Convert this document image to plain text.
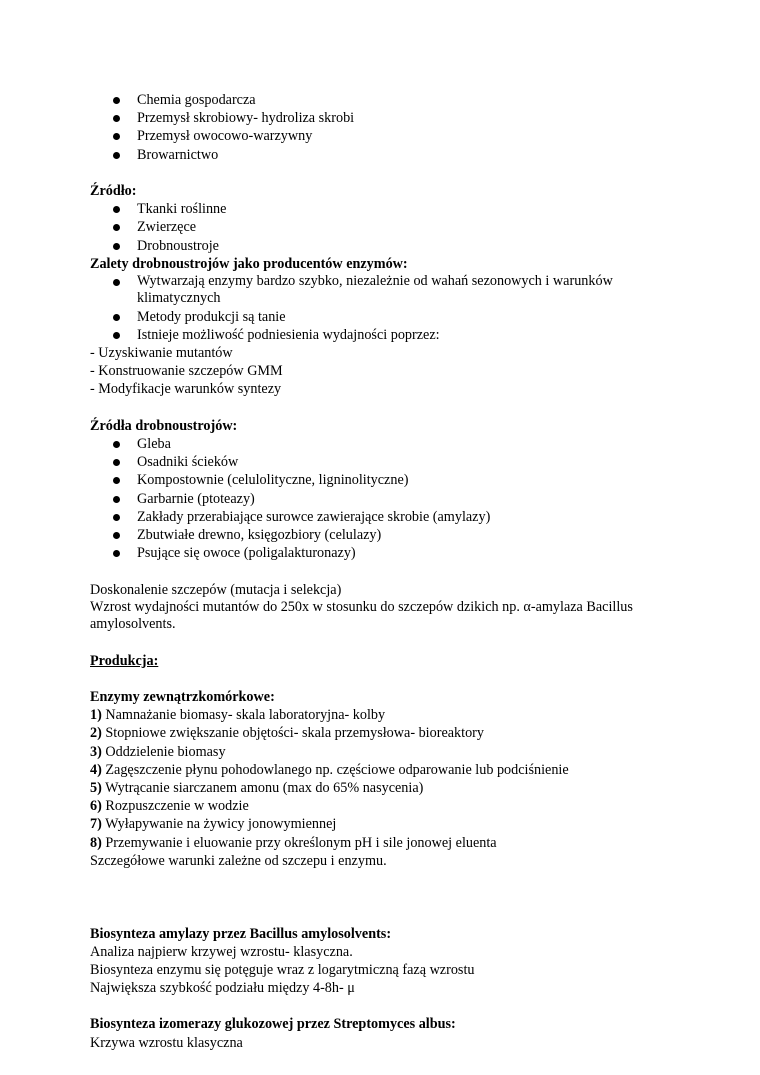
Chemia gospodarcza
Przemysł skrobiowy- hydroliza skrobi
Przemysł owocowo-warzywny
Browarnictwo
Źródło:
Tkanki roślinne
Zwierzęce
Drobnoustroje
Zalety drobnoustrojów jako producentów enzymów:
Wytwarzają enzymy bardzo szybko, niezależnie od wahań sezonowych i warunków klimatycznych
Metody produkcji są tanie
Istnieje możliwość podniesienia wydajności poprzez:
- Uzyskiwanie mutantów
- Konstruowanie szczepów GMM
- Modyfikacje warunków syntezy
Źródła drobnoustrojów:
Gleba
Osadniki ścieków
Kompostownie (celulolityczne, ligninolityczne)
Garbarnie (ptoteazy)
Zakłady przerabiające surowce zawierające skrobie (amylazy)
Zbutwiałe drewno, księgozbiory (celulazy)
Psujące się owoce (poligalakturonazy)
Doskonalenie szczepów (mutacja i selekcja)
Wzrost wydajności mutantów do 250x w stosunku do szczepów dzikich np. α-amylaza Bacillus amylosolvents.
Produkcja:
Enzymy zewnątrzkomórkowe:
1) Namnażanie biomasy- skala laboratoryjna- kolby
2) Stopniowe zwiększanie objętości- skala przemysłowa- bioreaktory
3) Oddzielenie biomasy
4) Zagęszczenie płynu pohodowlanego np. częściowe odparowanie lub podciśnienie
5) Wytrącanie siarczanem amonu (max do 65% nasycenia)
6) Rozpuszczenie w wodzie
7) Wyłapywanie na żywicy jonowymiennej
8) Przemywanie i eluowanie przy określonym pH i sile jonowej eluenta
Szczegółowe warunki zależne od szczepu i enzymu.
Biosynteza amylazy przez Bacillus amylosolvents:
Analiza najpierw krzywej wzrostu- klasyczna.
Biosynteza enzymu się potęguje wraz z logarytmiczną fazą wzrostu
Największa szybkość podziału między 4-8h- μ
Biosynteza izomerazy glukozowej przez Streptomyces albus:
Krzywa wzrostu klasyczna
